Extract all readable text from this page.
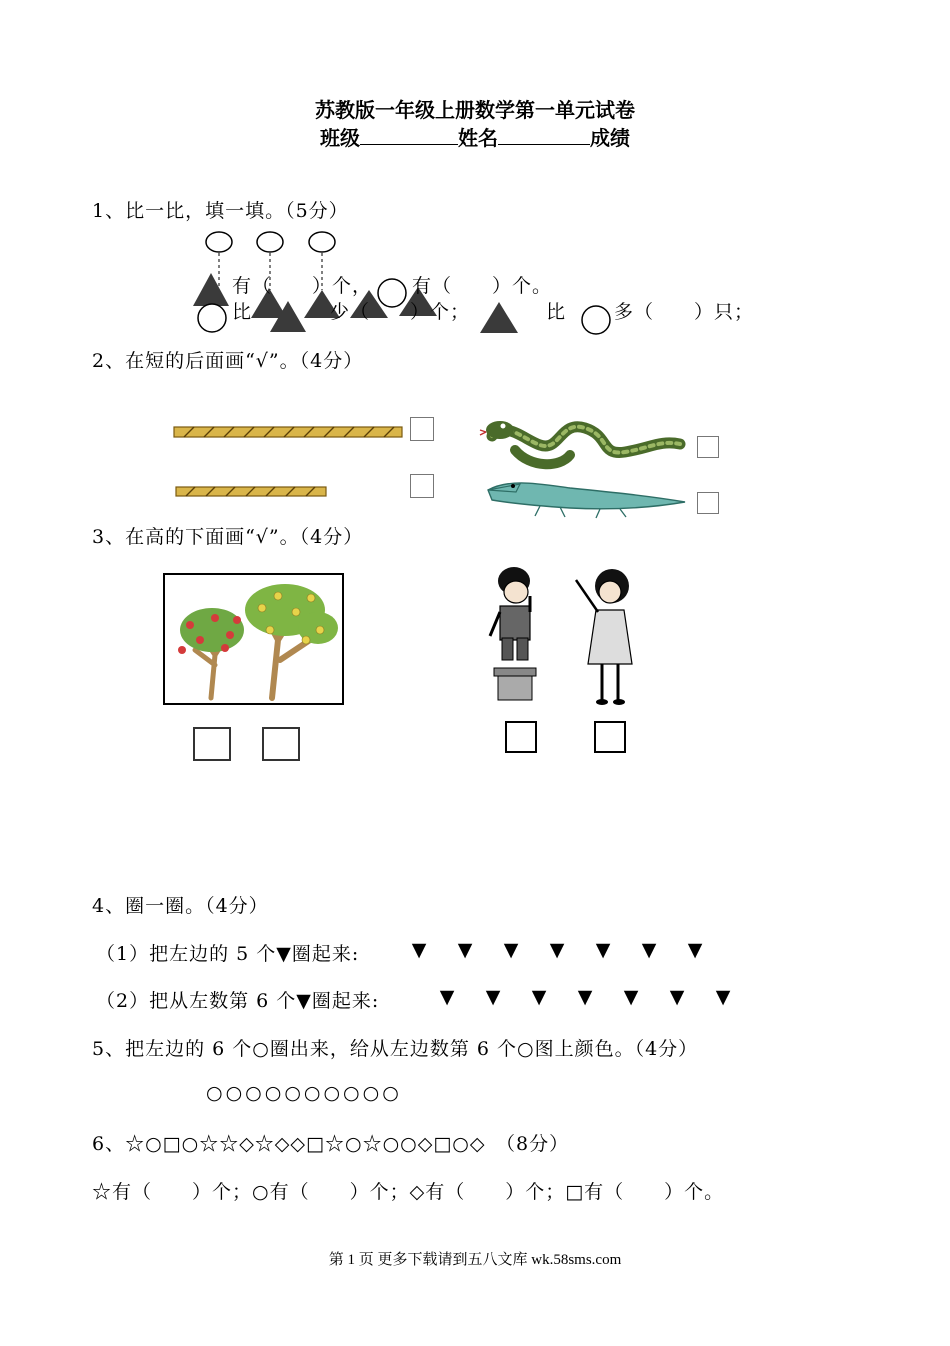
苏教版一年级上册数学第一单元试卷
班级	姓名	成绩
1、比一比，填一填。（5分）
有（　　）个， 有（　　）个。
比	少（　　）个；	比	多（　　）只；
2、在短的后面画“√”。（4分）
3、在高的下面画“√”。（4分）
4、圈一圈。（4分）
（1）把左边的 5 个▼圈起来:	▼ ▼ ▼ ▼ ▼ ▼ ▼
（2）把从左数第 6 个▼圈起来:	▼ ▼ ▼ ▼ ▼ ▼ ▼
5、把左边的 6 个○圈出来，给从左边数第 6 个○图上颜色。（4分）
○○○○○○○○○○
6、☆○□○☆☆◇☆◇◇□☆○☆○○◇□○◇　（8分）
☆有（　　）个；○有（　　）个；◇有（　　）个；□有（　　）个。
第 1 页 更多下载请到五八文库 wk.58sms.com
